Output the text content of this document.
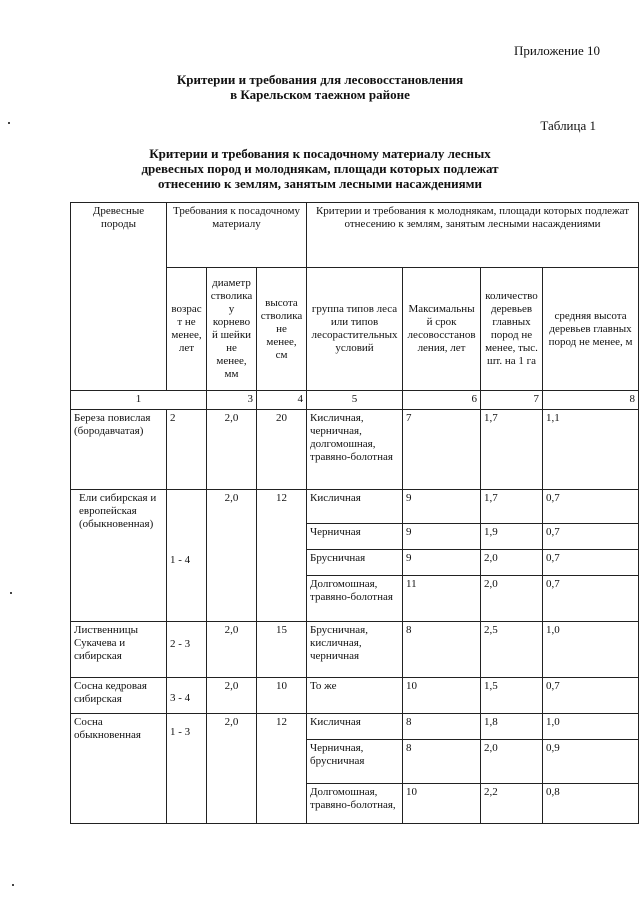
Приложение 10
Критерии и требования для лесовосстановления
в Карельском таежном районе
Таблица 1
Критерии и требования к посадочному материалу лесных
древесных пород и молоднякам, площади которых подлежат
отнесению к землям, занятым лесными насаждениями
Древесные породы	Требования к посадочному материалу			Критерии и требования к молоднякам, площади которых подлежат отнесению к землям, занятым лесными насаждениями			
	возраст не менее, лет	диаметр стволика у корневой шейки не менее, мм	высота стволика не менее, см	группа типов леса или типов лесорастительных условий	Максимальный срок лесовосстановления, лет	количество деревьев главных пород не менее, тыс. шт. на 1 га	средняя высота деревьев главных пород не менее, м
1		3	4	5	6	7	8
Береза повислая (бородавчатая)	2	2,0	20	Кисличная, черничная, долгомошная, травяно-болотная	7	1,7	1,1
Ели сибирская и европейская (обыкновенная)	1 - 4	2,0	12	Кисличная	9	1,7	0,7
				Черничная	9	1,9	0,7
				Брусничная	9	2,0	0,7
				Долгомошная, травяно-болотная	11	2,0	0,7
Лиственницы Сукачева и сибирская	2 - 3	2,0	15	Брусничная, кисличная, черничная	8	2,5	1,0
Сосна кедровая сибирская	3 - 4	2,0	10	То же	10	1,5	0,7
Сосна обыкновенная	1 - 3	2,0	12	Кисличная	8	1,8	1,0
				Черничная, брусничная	8	2,0	0,9
				Долгомошная, травяно-болотная,	10	2,2	0,8
